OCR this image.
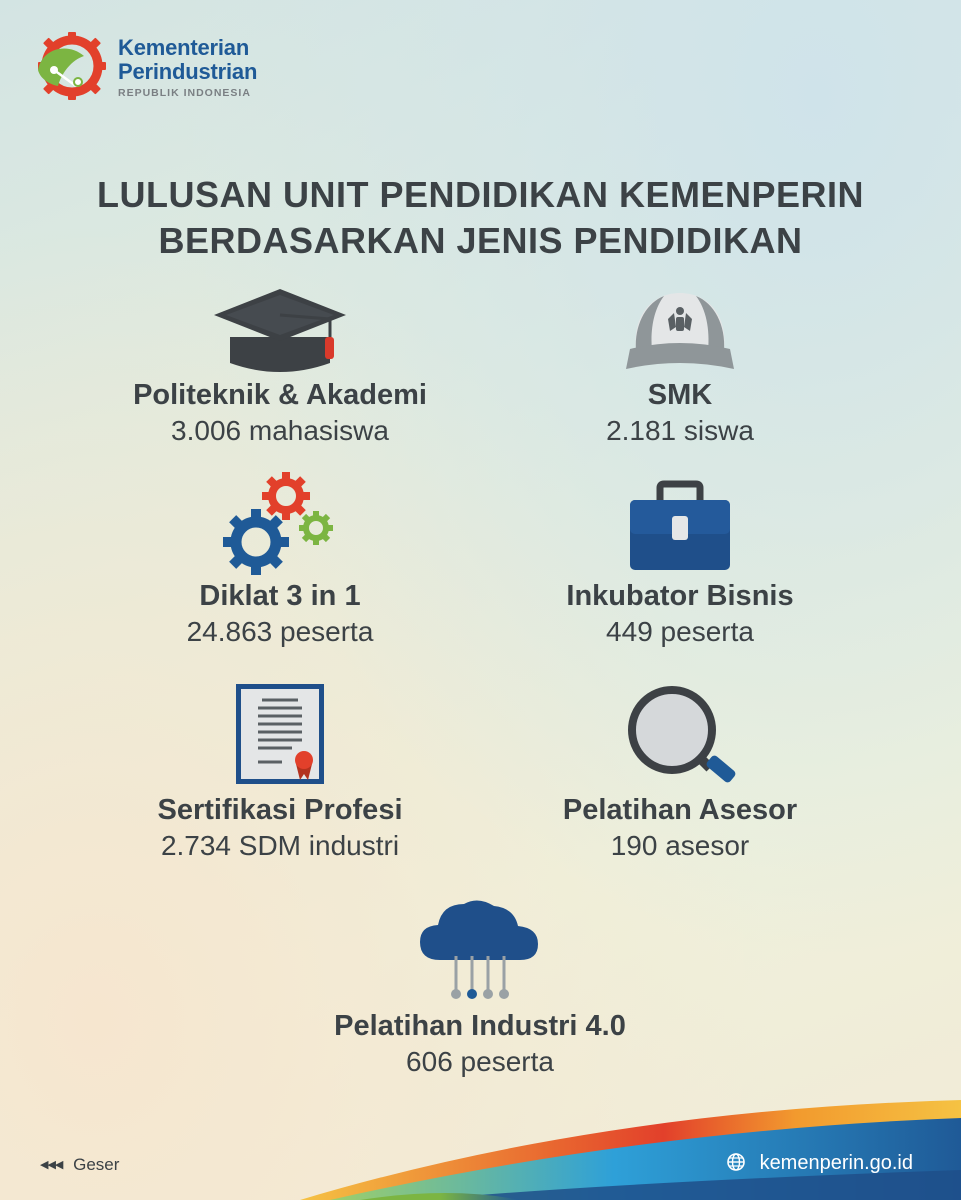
Kementerian
Perindustrian
REPUBLIK INDONESIA
LULUSAN UNIT PENDIDIKAN KEMENPERIN
BERDASARKAN JENIS PENDIDIKAN
Politeknik & Akademi
3.006 mahasiswa
SMK
2.181 siswa
Diklat 3 in 1
24.863 peserta
Inkubator Bisnis
449 peserta
Sertifikasi Profesi
2.734 SDM industri
Pelatihan Asesor
190 asesor
Pelatihan Industri 4.0
606 peserta
◀◀◀ Geser	kemenperin.go.id
